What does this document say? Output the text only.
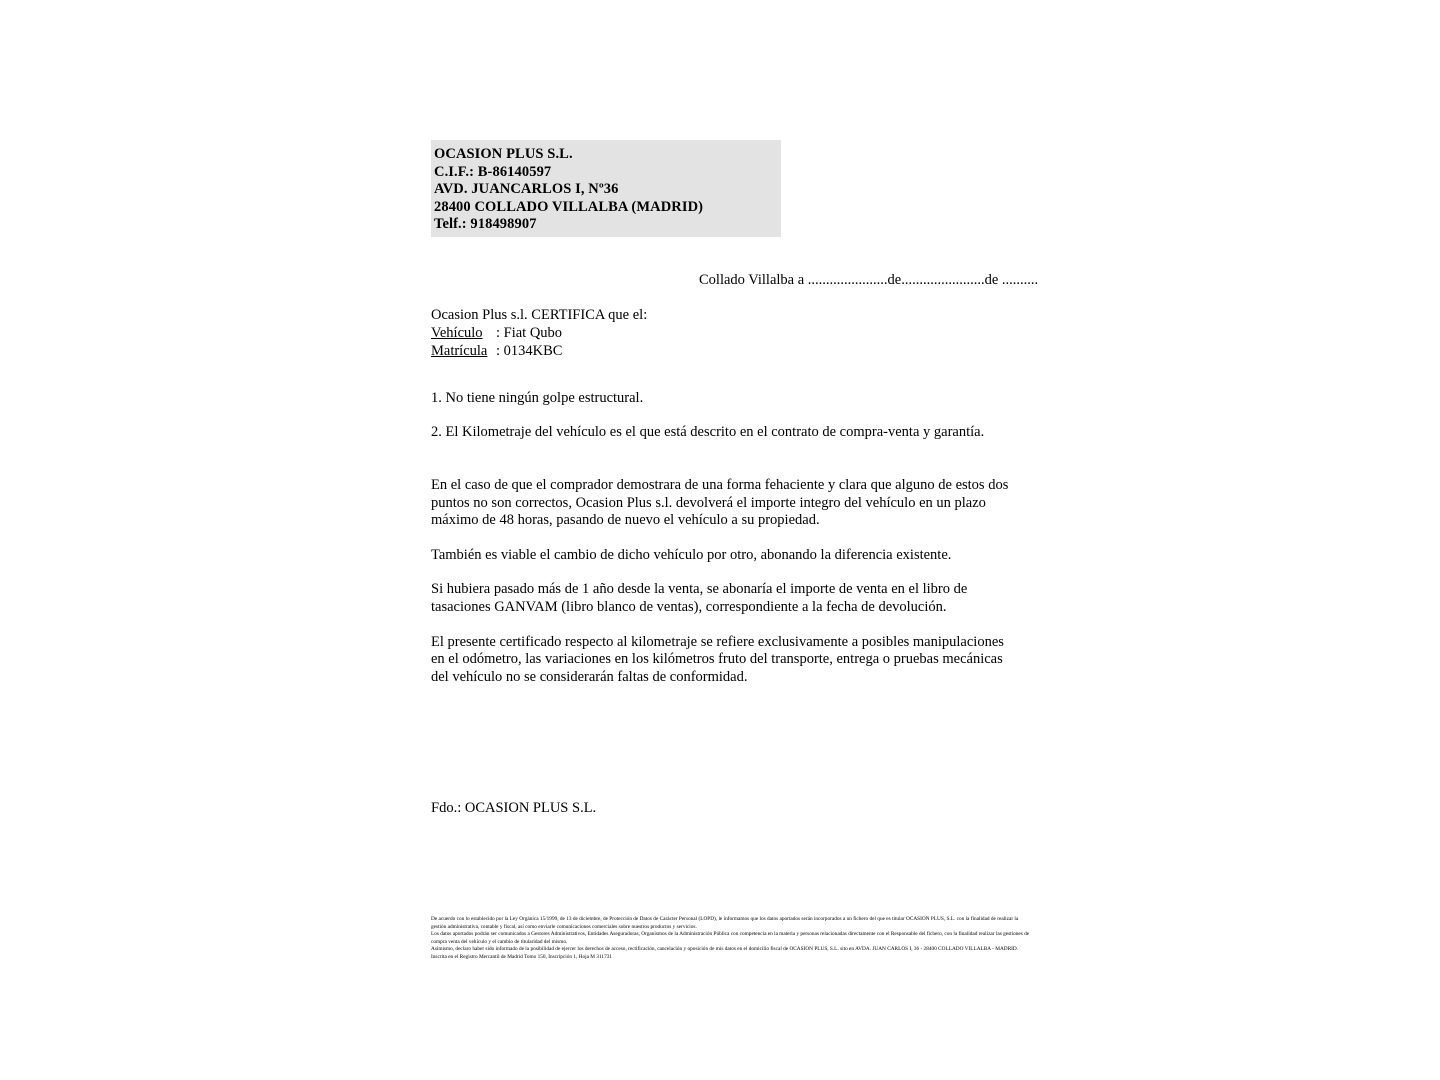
OCASION PLUS S.L.
C.I.F.: B-86140597
AVD. JUANCARLOS I, Nº36
28400 COLLADO VILLALBA (MADRID)
Telf.: 918498907
Collado Villalba a ......................de.......................de ..........
Ocasion Plus s.l. CERTIFICA que el:
Vehículo : Fiat Qubo
Matrícula : 0134KBC
1. No tiene ningún golpe estructural.
2. El Kilometraje del vehículo es el que está descrito en el contrato de compra-venta y garantía.

En el caso de que el comprador demostrara de una forma fehaciente y clara que alguno de estos dos puntos no son correctos, Ocasion Plus s.l. devolverá el importe integro del vehículo en un plazo máximo de 48 horas, pasando de nuevo el vehículo a su propiedad.

También es viable el cambio de dicho vehículo por otro, abonando la diferencia existente.

Si hubiera pasado más de 1 año desde la venta, se abonaría el importe de venta en el libro de tasaciones GANVAM (libro blanco de ventas), correspondiente a la fecha de devolución.

El presente certificado respecto al kilometraje se refiere exclusivamente a posibles manipulaciones en el odómetro, las variaciones en los kilómetros fruto del transporte, entrega o pruebas mecánicas del vehículo no se considerarán faltas de conformidad.

Fdo.: OCASION PLUS S.L.

De acuerdo con lo establecido por la Ley Orgánica 15/1999, de 13 de diciembre, de Protección de Datos de Carácter Personal (LOPD), le informamos que los datos aportados serán incorporados a un fichero del que es titular OCASION PLUS, S.L. con la finalidad de realizar la gestión administrativa, contable y fiscal, así como enviarle comunicaciones comerciales sobre nuestros productos y servicios.

Los datos aportados podrán ser comunicados a Gestores Administrativos, Entidades Aseguradoras, Organismos de la Administración Pública con competencia en la materia y personas relacionadas directamente con el Responsable del fichero, con la finalidad realizar las gestiones de compra venta del vehículo y el cambio de titularidad del mismo.

Asimismo, declaro haber sido informado de la posibilidad de ejercer los derechos de acceso, rectificación, cancelación y oposición de mis datos en el domicilio fiscal de OCASION PLUS, S.L. sito en AVDA. JUAN CARLOS I, 36 - 28400 COLLADO VILLALBA - MADRID. Inscrita en el Registro Mercantil de Madrid Tomo 150, Inscripción 1, Hoja M 311731
